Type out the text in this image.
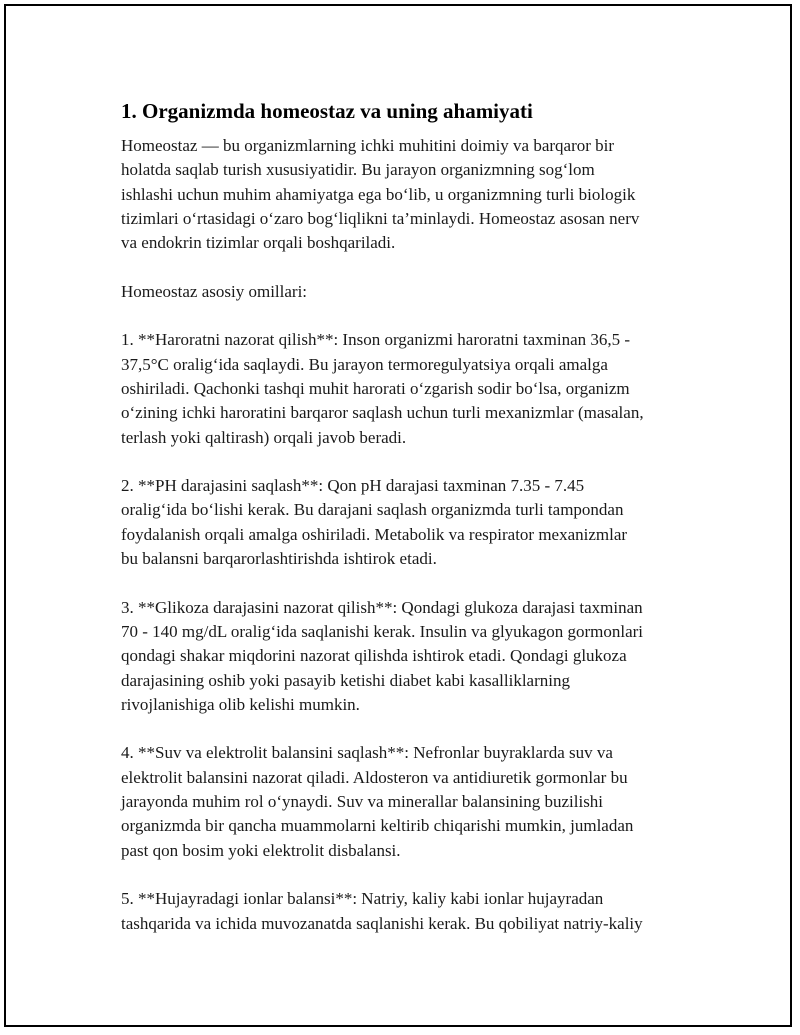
1. Organizmda homeostaz va uning ahamiyati

Homeostaz — bu organizmlarning ichki muhitini doimiy va barqaror bir
holatda saqlab turish xususiyatidir. Bu jarayon organizmning sog‘lom
ishlashi uchun muhim ahamiyatga ega bo‘lib, u organizmning turli biologik
tizimlari o‘rtasidagi o‘zaro bog‘liqlikni ta’minlaydi. Homeostaz asosan nerv
va endokrin tizimlar orqali boshqariladi.

Homeostaz asosiy omillari:

1. **Haroratni nazorat qilish**: Inson organizmi haroratni taxminan 36,5 -
37,5°C oralig‘ida saqlaydi. Bu jarayon termoregulyatsiya orqali amalga
oshiriladi. Qachonki tashqi muhit harorati o‘zgarish sodir bo‘lsa, organizm
o‘zining ichki haroratini barqaror saqlash uchun turli mexanizmlar (masalan,
terlash yoki qaltirash) orqali javob beradi.

2. **PH darajasini saqlash**: Qon pH darajasi taxminan 7.35 - 7.45
oralig‘ida bo‘lishi kerak. Bu darajani saqlash organizmda turli tampondan
foydalanish orqali amalga oshiriladi. Metabolik va respirator mexanizmlar
bu balansni barqarorlashtirishda ishtirok etadi.

3. **Glikoza darajasini nazorat qilish**: Qondagi glukoza darajasi taxminan
70 - 140 mg/dL oralig‘ida saqlanishi kerak. Insulin va glyukagon gormonlari
qondagi shakar miqdorini nazorat qilishda ishtirok etadi. Qondagi glukoza
darajasining oshib yoki pasayib ketishi diabet kabi kasalliklarning
rivojlanishiga olib kelishi mumkin.

4. **Suv va elektrolit balansini saqlash**: Nefronlar buyraklarda suv va
elektrolit balansini nazorat qiladi. Aldosteron va antidiuretik gormonlar bu
jarayonda muhim rol o‘ynaydi. Suv va minerallar balansining buzilishi
organizmda bir qancha muammolarni keltirib chiqarishi mumkin, jumladan
past qon bosim yoki elektrolit disbalansi.

5. **Hujayradagi ionlar balansi**: Natriy, kaliy kabi ionlar hujayradan
tashqarida va ichida muvozanatda saqlanishi kerak. Bu qobiliyat natriy-kaliy
